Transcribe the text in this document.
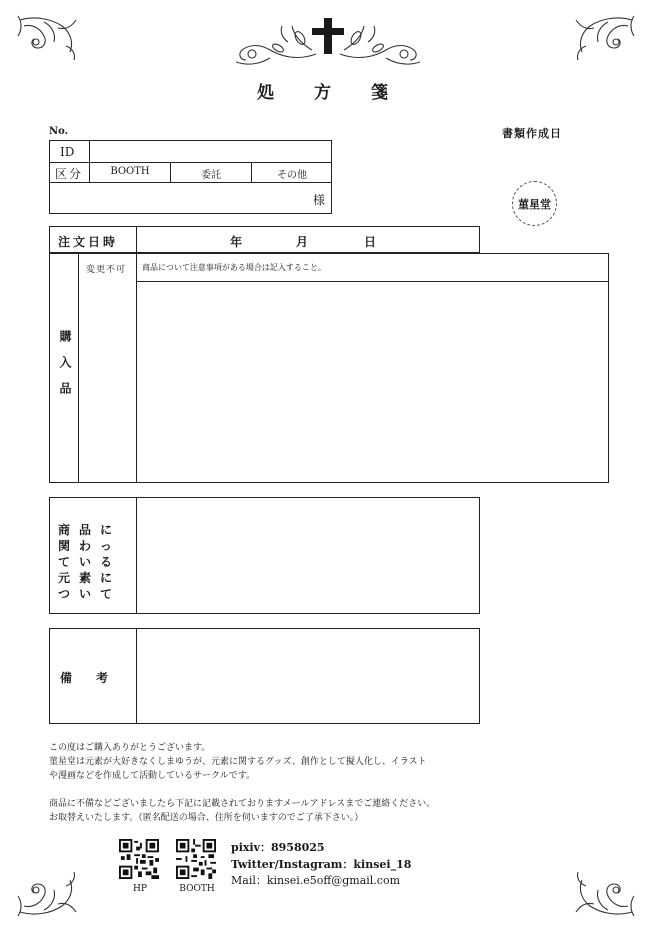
処　　方　　箋
No.	書類作成日
菫星堂
ID
区分	BOOTH	委託	その他
様
注文日時	年	月	日
購入品
変更不可 商品について注意事項がある場合は記入すること。
商品に関わっている元素について
備　　考

この度はご購入ありがとうございます。

菫星堂は元素が大好きなくしまゆうが、元素に関するグッズ、創作として擬人化し、イラスト

や漫画などを作成して活動しているサークルです。

商品に不備などございましたら下記に記載されておりますメールアドレスまでご連絡ください。

お取替えいたします。（匿名配送の場合、住所を伺いますのでご了承下さい。）

HP	BOOTH
pixiv：8958025
Twitter/Instagram：kinsei_18
Mail：kinsei.e5off@gmail.com
